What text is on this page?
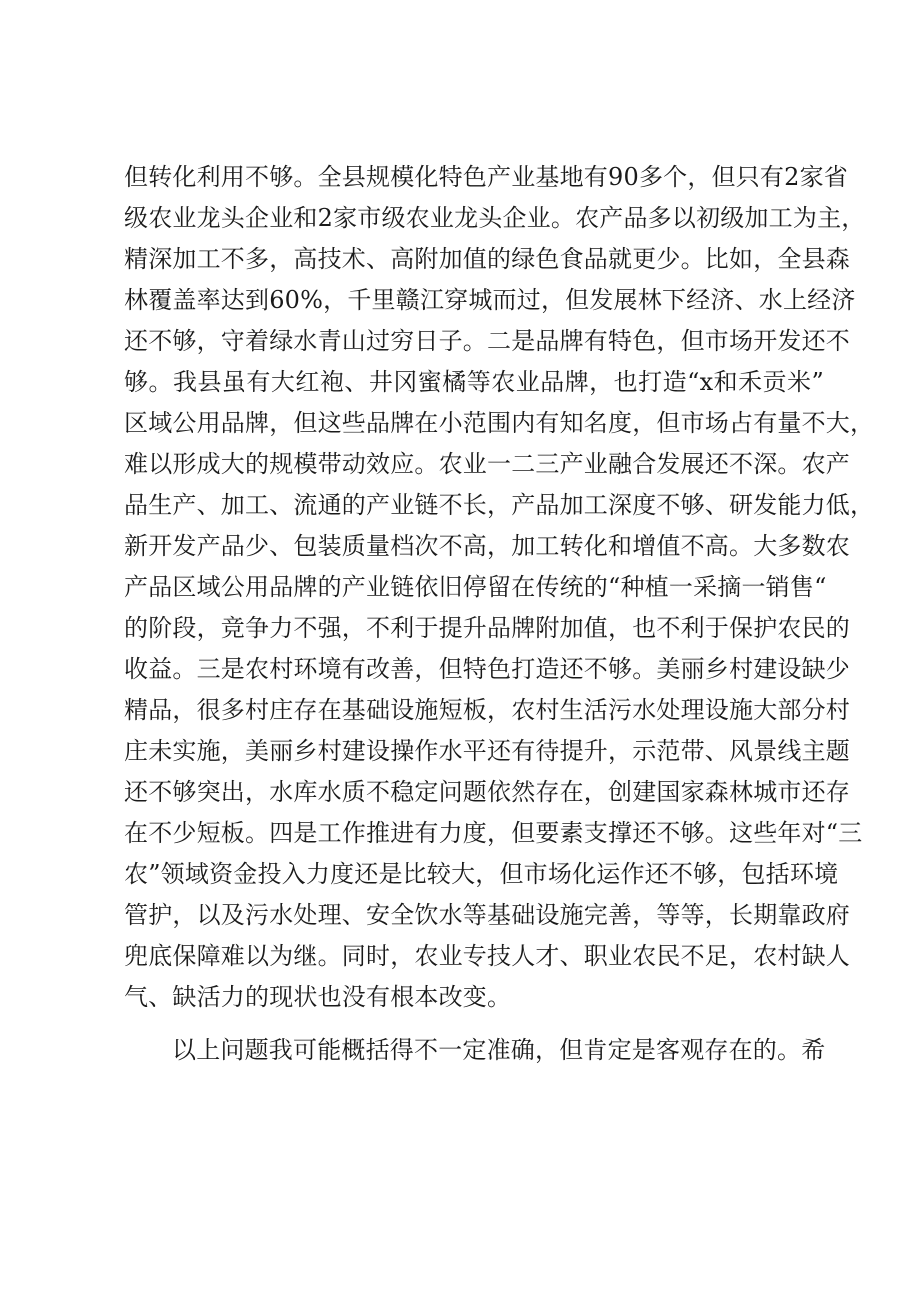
但转化利用不够。全县规模化特色产业基地有90多个，但只有2家省
级农业龙头企业和2家市级农业龙头企业。农产品多以初级加工为主，
精深加工不多，高技术、高附加值的绿色食品就更少。比如，全县森
林覆盖率达到60%，千里赣江穿城而过，但发展林下经济、水上经济
还不够，守着绿水青山过穷日子。二是品牌有特色，但市场开发还不
够。我县虽有大红袍、井冈蜜橘等农业品牌，也打造“x和禾贡米”
区域公用品牌，但这些品牌在小范围内有知名度，但市场占有量不大，
难以形成大的规模带动效应。农业一二三产业融合发展还不深。农产
品生产、加工、流通的产业链不长，产品加工深度不够、研发能力低，
新开发产品少、包装质量档次不高，加工转化和增值不高。大多数农
产品区域公用品牌的产业链依旧停留在传统的“种植一采摘一销售“
的阶段，竞争力不强，不利于提升品牌附加值，也不利于保护农民的
收益。三是农村环境有改善，但特色打造还不够。美丽乡村建设缺少
精品，很多村庄存在基础设施短板，农村生活污水处理设施大部分村
庄未实施，美丽乡村建设操作水平还有待提升，示范带、风景线主题
还不够突出，水库水质不稳定问题依然存在，创建国家森林城市还存
在不少短板。四是工作推进有力度，但要素支撑还不够。这些年对“三
农”领域资金投入力度还是比较大，但市场化运作还不够，包括环境
管护，以及污水处理、安全饮水等基础设施完善，等等，长期靠政府
兜底保障难以为继。同时，农业专技人才、职业农民不足，农村缺人
气、缺活力的现状也没有根本改变。
以上问题我可能概括得不一定准确，但肯定是客观存在的。希
